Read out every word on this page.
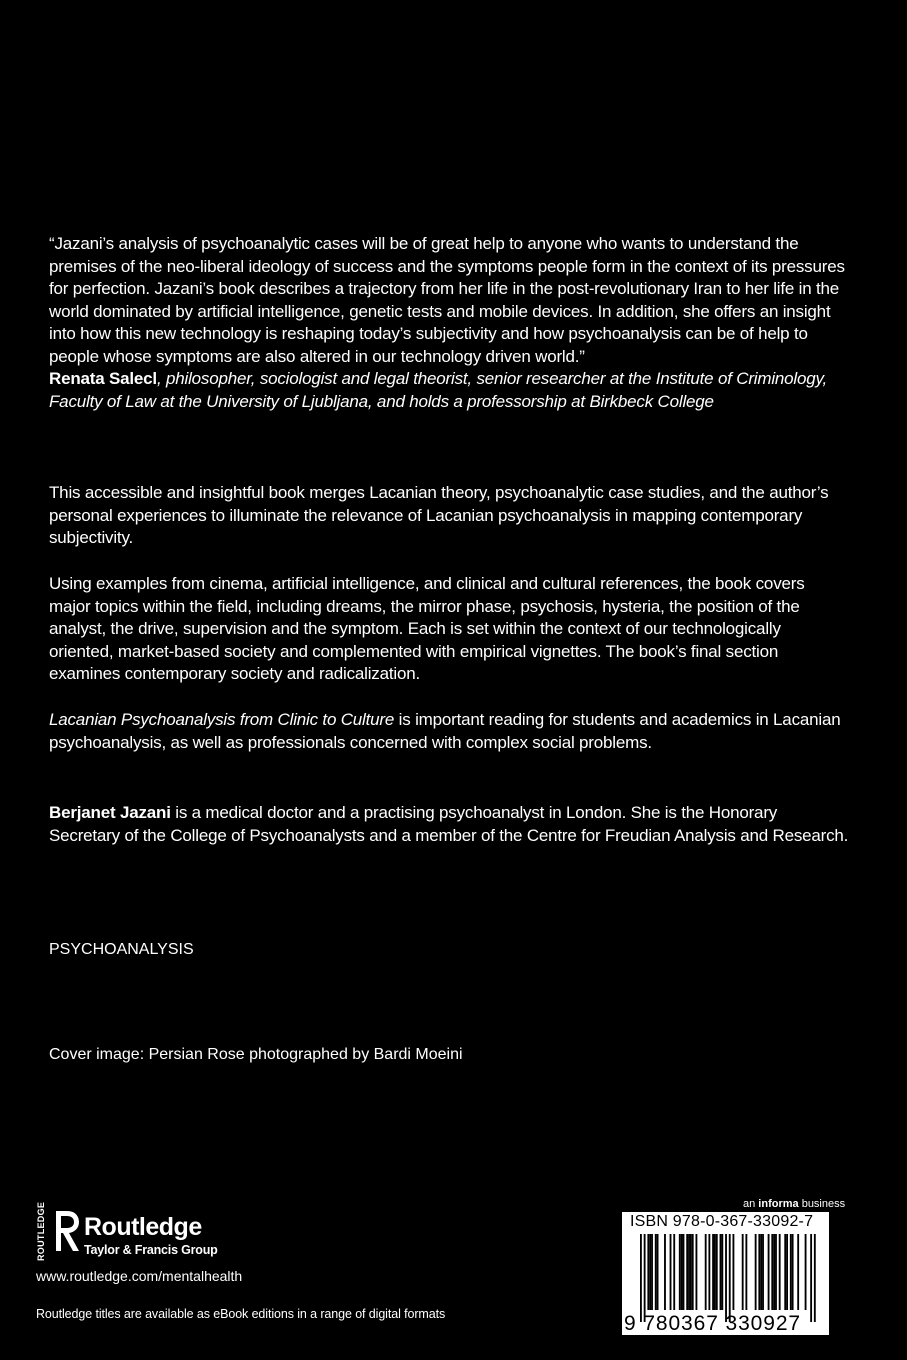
“Jazani’s analysis of psychoanalytic cases will be of great help to anyone who wants to understand the premises of the neo-liberal ideology of success and the symptoms people form in the context of its pressures for perfection. Jazani’s book describes a trajectory from her life in the post-revolutionary Iran to her life in the world dominated by artificial intelligence, genetic tests and mobile devices. In addition, she offers an insight into how this new technology is reshaping today’s subjectivity and how psychoanalysis can be of help to people whose symptoms are also altered in our technology driven world.”

Renata Salecl, philosopher, sociologist and legal theorist, senior researcher at the Institute of Criminology, Faculty of Law at the University of Ljubljana, and holds a professorship at Birkbeck College

This accessible and insightful book merges Lacanian theory, psychoanalytic case studies, and the author’s personal experiences to illuminate the relevance of Lacanian psychoanalysis in mapping contemporary subjectivity.

Using examples from cinema, artificial intelligence, and clinical and cultural references, the book covers major topics within the field, including dreams, the mirror phase, psychosis, hysteria, the position of the analyst, the drive, supervision and the symptom. Each is set within the context of our technologically oriented, market-based society and complemented with empirical vignettes. The book’s final section examines contemporary society and radicalization.

Lacanian Psychoanalysis from Clinic to Culture is important reading for students and academics in Lacanian psychoanalysis, as well as professionals concerned with complex social problems.

Berjanet Jazani is a medical doctor and a practising psychoanalyst in London. She is the Honorary Secretary of the College of Psychoanalysts and a member of the Centre for Freudian Analysis and Research.

PSYCHOANALYSIS
Cover image: Persian Rose photographed by Bardi Moeini
ROUTLEDGE Routledge
Taylor & Francis Group
www.routledge.com/mentalhealth
Routledge titles are available as eBook editions in a range of digital formats
an informa business
ISBN 978-0-367-33092-7
9 780367 330927
